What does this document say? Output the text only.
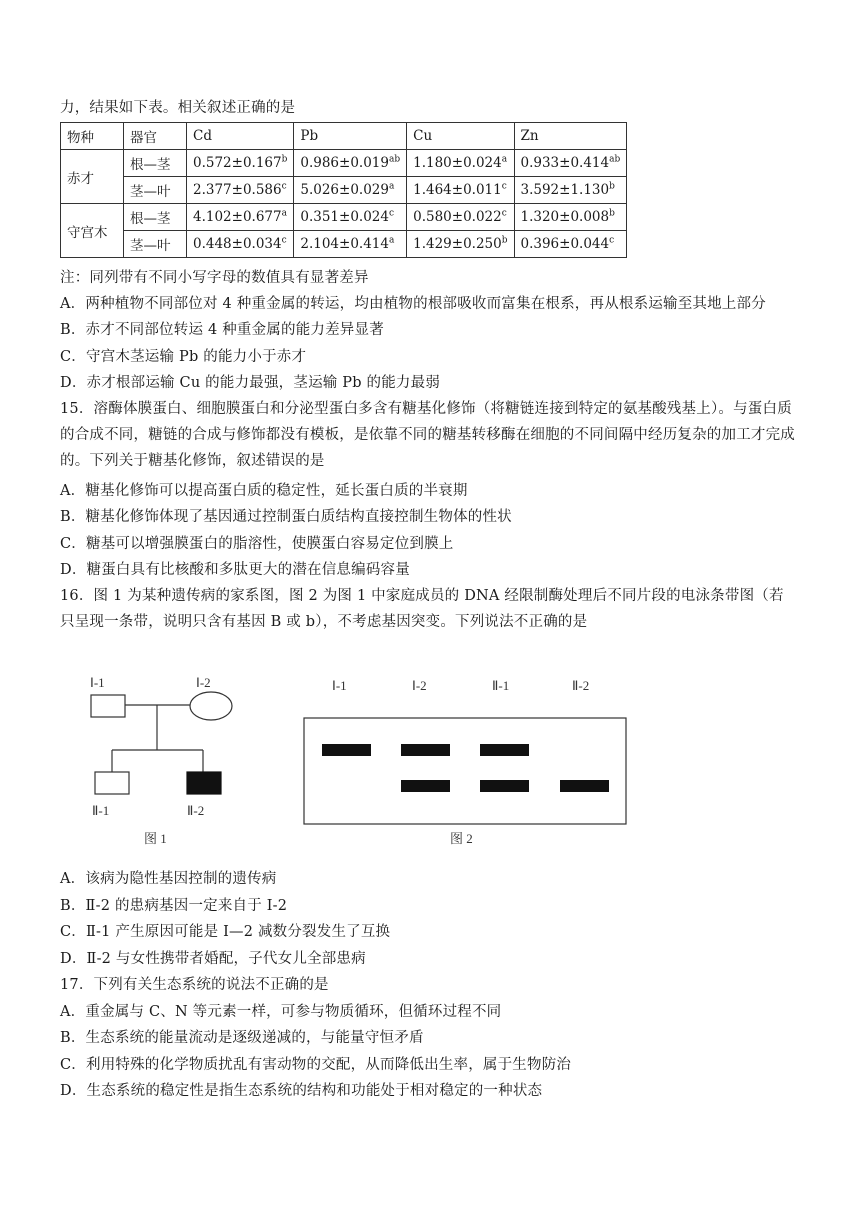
力，结果如下表。相关叙述正确的是
物种	器官	Cd	Pb	Cu	Zn
赤才	根—茎	0.572±0.167$^b$	0.986±0.019$^{ab}$	1.180±0.024$^a$	0.933±0.414$^{ab}$
	茎—叶	2.377±0.586$^c$	5.026±0.029$^a$	1.464±0.011$^c$	3.592±1.130$^b$
守宫木	根—茎	4.102±0.677$^a$	0.351±0.024$^c$	0.580±0.022$^c$	1.320±0.008$^b$
	茎—叶	0.448±0.034$^c$	2.104±0.414$^a$	1.429±0.250$^b$	0.396±0.044$^c$
注：同列带有不同小写字母的数值具有显著差异
A．两种植物不同部位对 4 种重金属的转运，均由植物的根部吸收而富集在根系，再从根系运输至其地上部分
B．赤才不同部位转运 4 种重金属的能力差异显著
C．守宫木茎运输 Pb 的能力小于赤才
D．赤才根部运输 Cu 的能力最强，茎运输 Pb 的能力最弱
15．溶酶体膜蛋白、细胞膜蛋白和分泌型蛋白多含有糖基化修饰（将糖链连接到特定的氨基酸残基上）。与蛋白质的合成不同，糖链的合成与修饰都没有模板，是依靠不同的糖基转移酶在细胞的不同间隔中经历复杂的加工才完成的。下列关于糖基化修饰，叙述错误的是
A．糖基化修饰可以提高蛋白质的稳定性，延长蛋白质的半衰期
B．糖基化修饰体现了基因通过控制蛋白质结构直接控制生物体的性状
C．糖基可以增强膜蛋白的脂溶性，使膜蛋白容易定位到膜上
D．糖蛋白具有比核酸和多肽更大的潜在信息编码容量
16．图 1 为某种遗传病的家系图，图 2 为图 1 中家庭成员的 DNA 经限制酶处理后不同片段的电泳条带图（若只呈现一条带，说明只含有基因 B 或 b），不考虑基因突变。下列说法不正确的是
Ⅰ-1	Ⅰ-2
Ⅱ-1	Ⅱ-2
图 1
Ⅰ-1	Ⅰ-2	Ⅱ-1	Ⅱ-2
图 2
A．该病为隐性基因控制的遗传病
B．Ⅱ-2 的患病基因一定来自于 I-2
C．Ⅱ-1 产生原因可能是 I—2 减数分裂发生了互换
D．Ⅱ-2 与女性携带者婚配，子代女儿全部患病
17．下列有关生态系统的说法不正确的是
A．重金属与 C、N 等元素一样，可参与物质循环，但循环过程不同
B．生态系统的能量流动是逐级递减的，与能量守恒矛盾
C．利用特殊的化学物质扰乱有害动物的交配，从而降低出生率，属于生物防治
D．生态系统的稳定性是指生态系统的结构和功能处于相对稳定的一种状态
